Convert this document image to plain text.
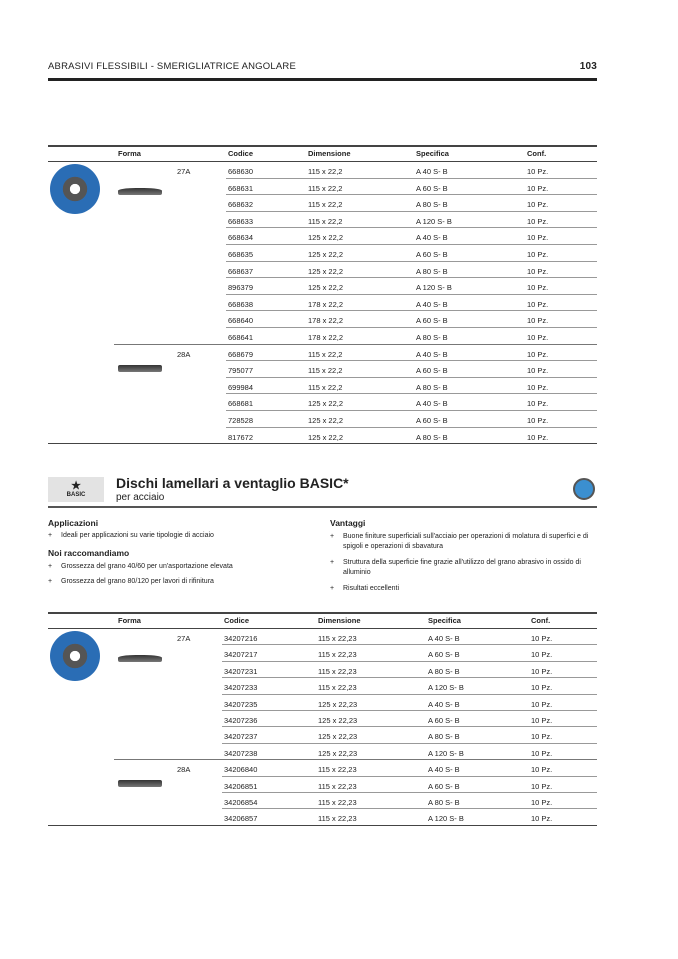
ABRASIVI FLESSIBILI - SMERIGLIATRICE ANGOLARE	103
Forma	Codice	Dimensione	Specifica	Conf.
27A	668630	115 x 22,2	A 40 S- B	10 Pz.
668631	115 x 22,2	A 60 S- B	10 Pz.
668632	115 x 22,2	A 80 S- B	10 Pz.
668633	115 x 22,2	A 120 S- B	10 Pz.
668634	125 x 22,2	A 40 S- B	10 Pz.
668635	125 x 22,2	A 60 S- B	10 Pz.
668637	125 x 22,2	A 80 S- B	10 Pz.
896379	125 x 22,2	A 120 S- B	10 Pz.
668638	178 x 22,2	A 40 S- B	10 Pz.
668640	178 x 22,2	A 60 S- B	10 Pz.
668641	178 x 22,2	A 80 S- B	10 Pz.
28A	668679	115 x 22,2	A 40 S- B	10 Pz.
795077	115 x 22,2	A 60 S- B	10 Pz.
699984	115 x 22,2	A 80 S- B	10 Pz.
668681	125 x 22,2	A 40 S- B	10 Pz.
728528	125 x 22,2	A 60 S- B	10 Pz.
817672	125 x 22,2	A 80 S- B	10 Pz.
★
BASIC
Dischi lamellari a ventaglio BASIC*
per acciaio
Applicazioni
+ Ideali per applicazioni su varie tipologie di acciaio
Noi raccomandiamo
+ Grossezza del grano 40/60 per un'asportazione elevata
+ Grossezza del grano 80/120 per lavori di rifinitura
Vantaggi
+ Buone finiture superficiali sull'acciaio per operazioni di molatura di superfici e di spigoli e operazioni di sbavatura
+ Struttura della superficie fine grazie all'utilizzo del grano abrasivo in ossido di alluminio
+ Risultati eccellenti
Forma	Codice	Dimensione	Specifica	Conf.
27A	34207216	115 x 22,23	A 40 S- B	10 Pz.
34207217	115 x 22,23	A 60 S- B	10 Pz.
34207231	115 x 22,23	A 80 S- B	10 Pz.
34207233	115 x 22,23	A 120 S- B	10 Pz.
34207235	125 x 22,23	A 40 S- B	10 Pz.
34207236	125 x 22,23	A 60 S- B	10 Pz.
34207237	125 x 22,23	A 80 S- B	10 Pz.
34207238	125 x 22,23	A 120 S- B	10 Pz.
28A	34206840	115 x 22,23	A 40 S- B	10 Pz.
34206851	115 x 22,23	A 60 S- B	10 Pz.
34206854	115 x 22,23	A 80 S- B	10 Pz.
34206857	115 x 22,23	A 120 S- B	10 Pz.
